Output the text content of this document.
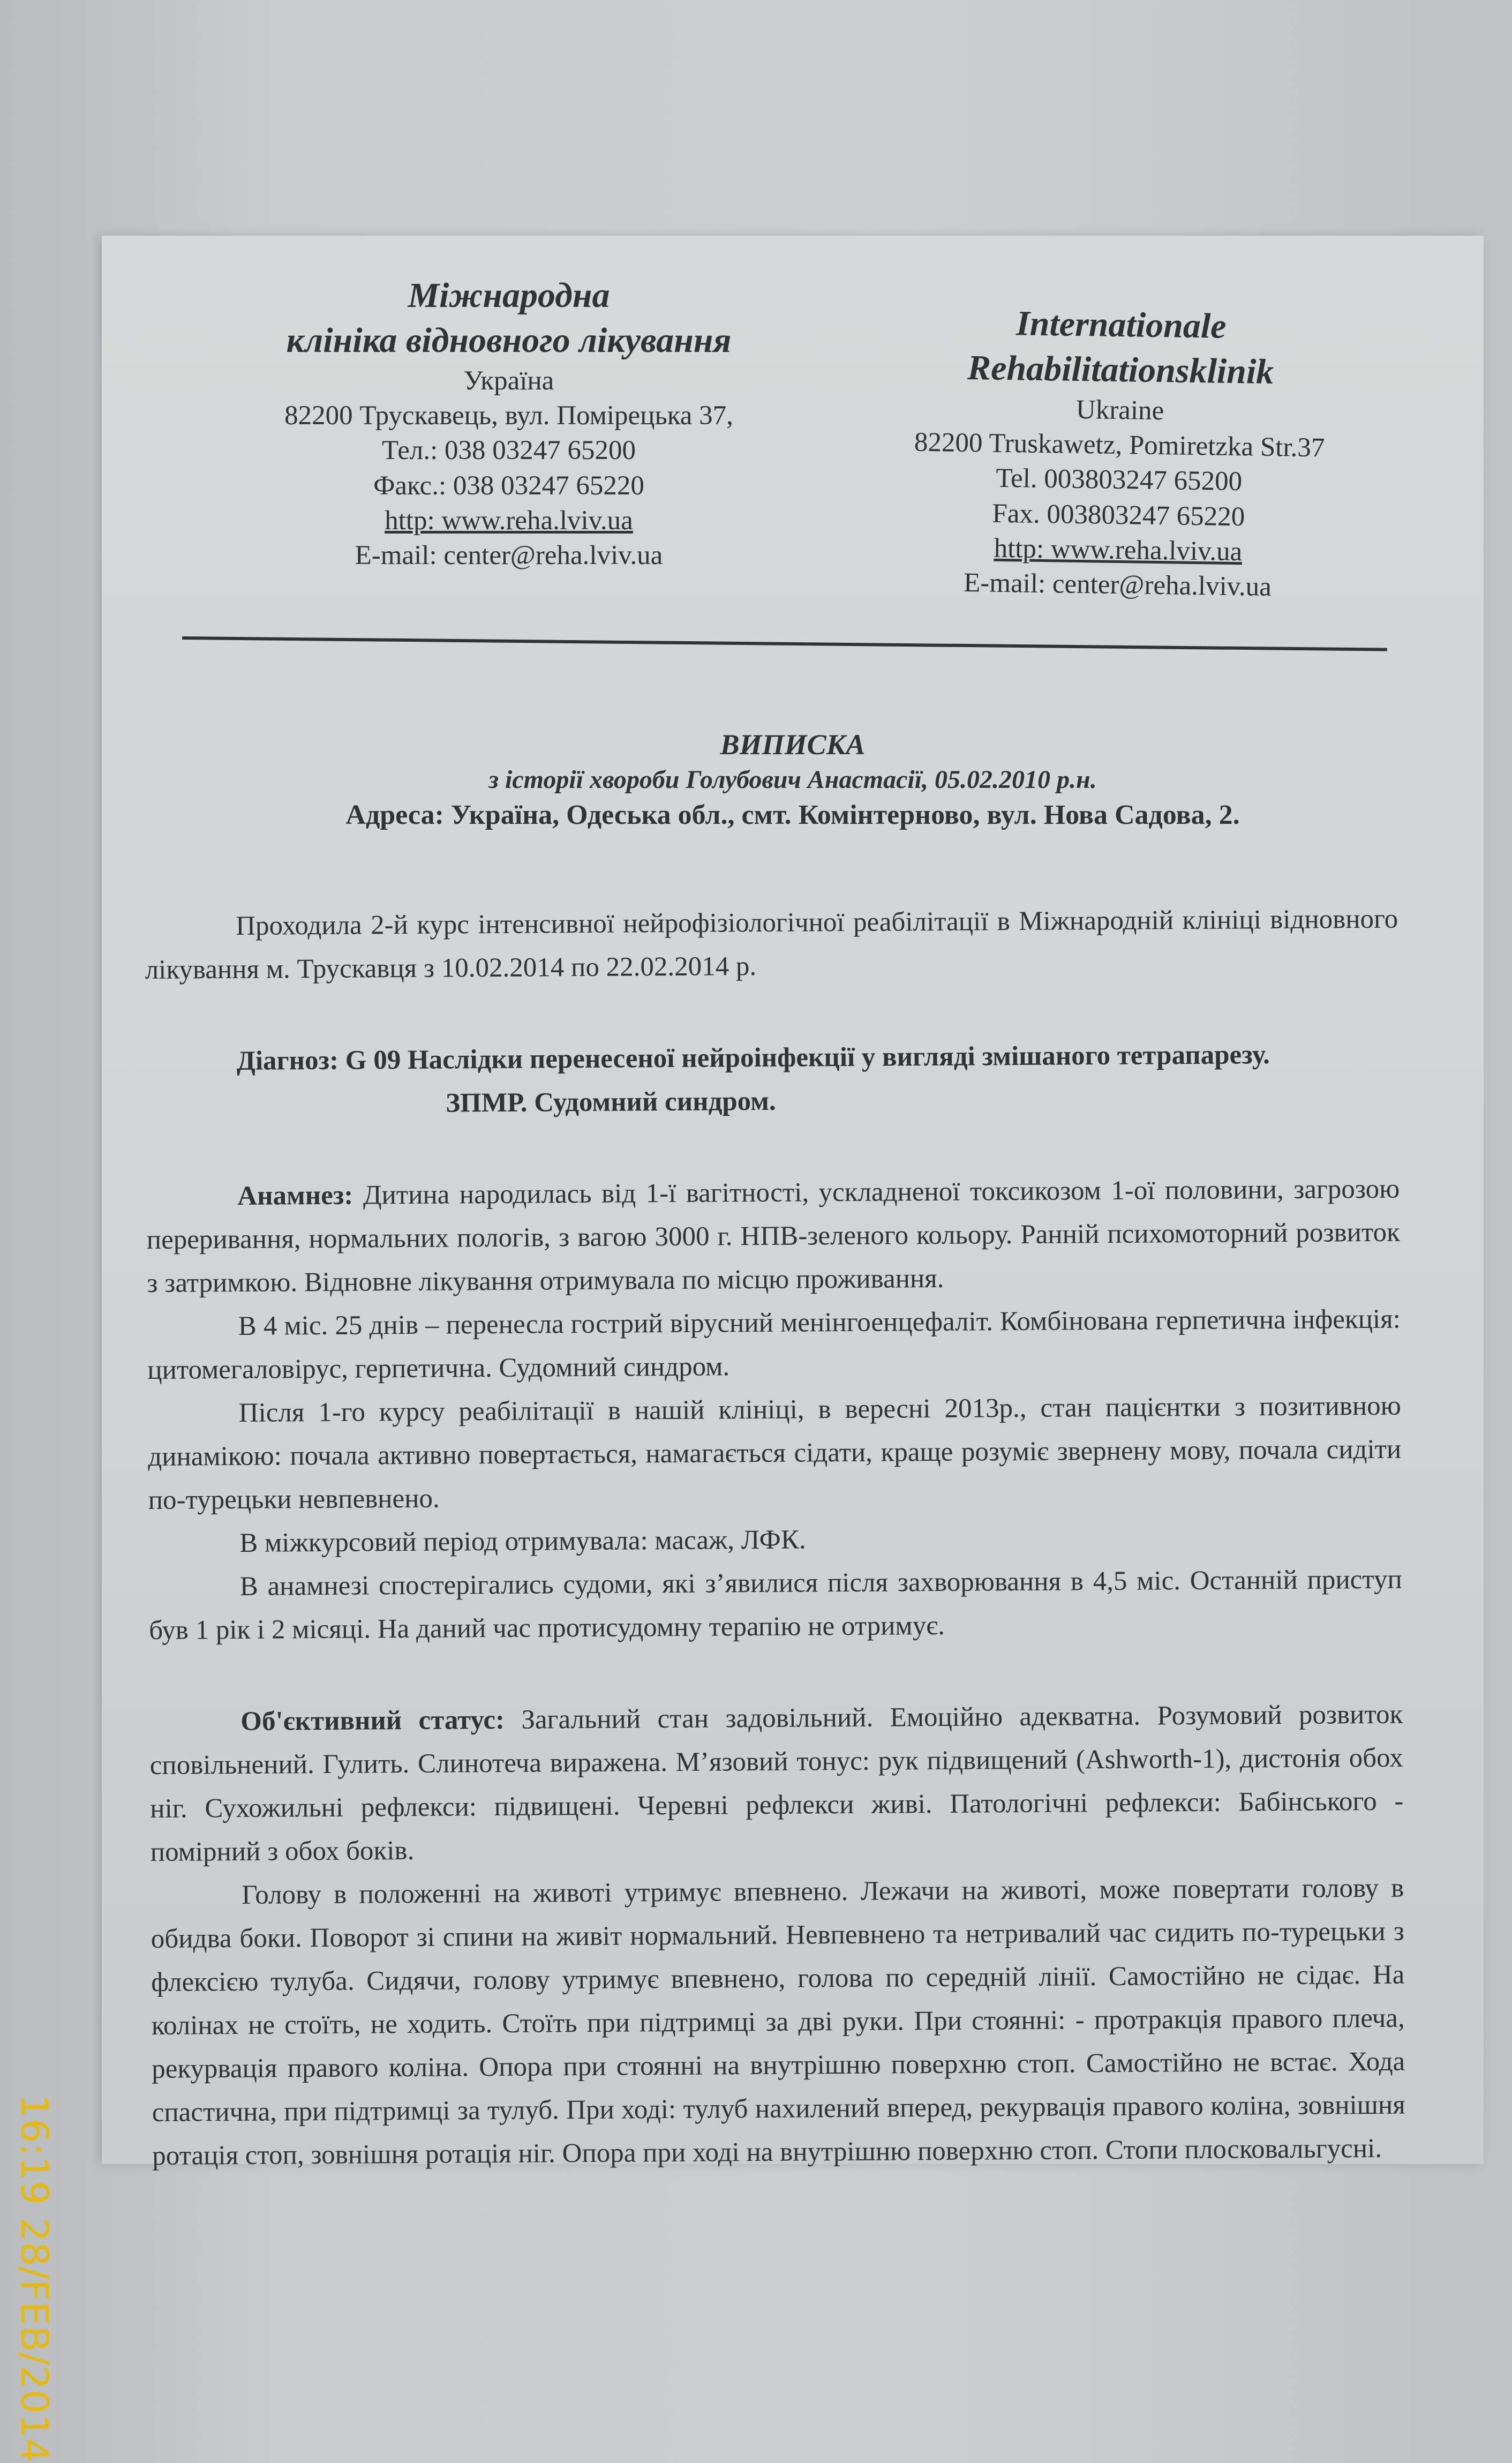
Міжнародна

клініка відновного лікування

Україна

82200 Трускавець, вул. Помірецька 37,

Тел.: 038 03247 65200

Факс.: 038 03247 65220

http: www.reha.lviv.ua

E-mail: center@reha.lviv.ua

Internationale

Rehabilitationsklinik

Ukraine

82200 Truskawetz, Pomiretzka Str.37

Tel. 003803247 65200

Fax. 003803247 65220

http: www.reha.lviv.ua

E-mail: center@reha.lviv.ua

ВИПИСКА

з історії хвороби Голубович Анастасії, 05.02.2010 р.н.

Адреса: Україна, Одеська обл., смт. Комінтерново, вул. Нова Садова, 2.

Проходила 2-й курс інтенсивної нейрофізіологічної реабілітації в Міжнародній клініці відновного лікування м. Трускавця з 10.02.2014 по 22.02.2014 р.

Діагноз: G 09 Наслідки перенесеної нейроінфекції у вигляді змішаного тетрапарезу.

ЗПМР. Судомний синдром.

Анамнез: Дитина народилась від 1-ї вагітності, ускладненої токсикозом 1-ої половини, загрозою переривання, нормальних пологів, з вагою 3000 г. НПВ-зеленого кольору. Ранній психомоторний розвиток з затримкою. Відновне лікування отримувала по місцю проживання.

В 4 міс. 25 днів – перенесла гострий вірусний менінгоенцефаліт. Комбінована герпетична інфекція: цитомегаловірус, герпетична. Судомний синдром.

Після 1-го курсу реабілітації в нашій клініці, в вересні 2013р., стан пацієнтки з позитивною динамікою: почала активно повертається, намагається сідати, краще розуміє звернену мову, почала сидіти по-турецьки невпевнено.

В міжкурсовий період отримувала: масаж, ЛФК.

В анамнезі спостерігались судоми, які з’явилися після захворювання в 4,5 міс. Останній приступ був 1 рік і 2 місяці. На даний час протисудомну терапію не отримує.

Об'єктивний статус: Загальний стан задовільний. Емоційно адекватна. Розумовий розвиток сповільнений. Гулить. Слинотеча виражена. М’язовий тонус: рук підвищений (Ashworth-1), дистонія обох ніг. Сухожильні рефлекси: підвищені. Черевні рефлекси живі. Патологічні рефлекси: Бабінського - помірний з обох боків.

Голову в положенні на животі утримує впевнено. Лежачи на животі, може повертати голову в обидва боки. Поворот зі спини на живіт нормальний. Невпевнено та нетривалий час сидить по-турецьки з флексією тулуба. Сидячи, голову утримує впевнено, голова по середній лінії. Самостійно не сідає. На колінах не стоїть, не ходить. Стоїть при підтримці за дві руки. При стоянні: - протракція правого плеча, рекурвація правого коліна. Опора при стоянні на внутрішню поверхню стоп. Самостійно не встає. Хода спастична, при підтримці за тулуб. При ході: тулуб нахилений вперед, рекурвація правого коліна, зовнішня ротація стоп, зовнішня ротація ніг. Опора при ході на внутрішню поверхню стоп. Стопи плосковальгусні.

16:19 28/FEB/2014
